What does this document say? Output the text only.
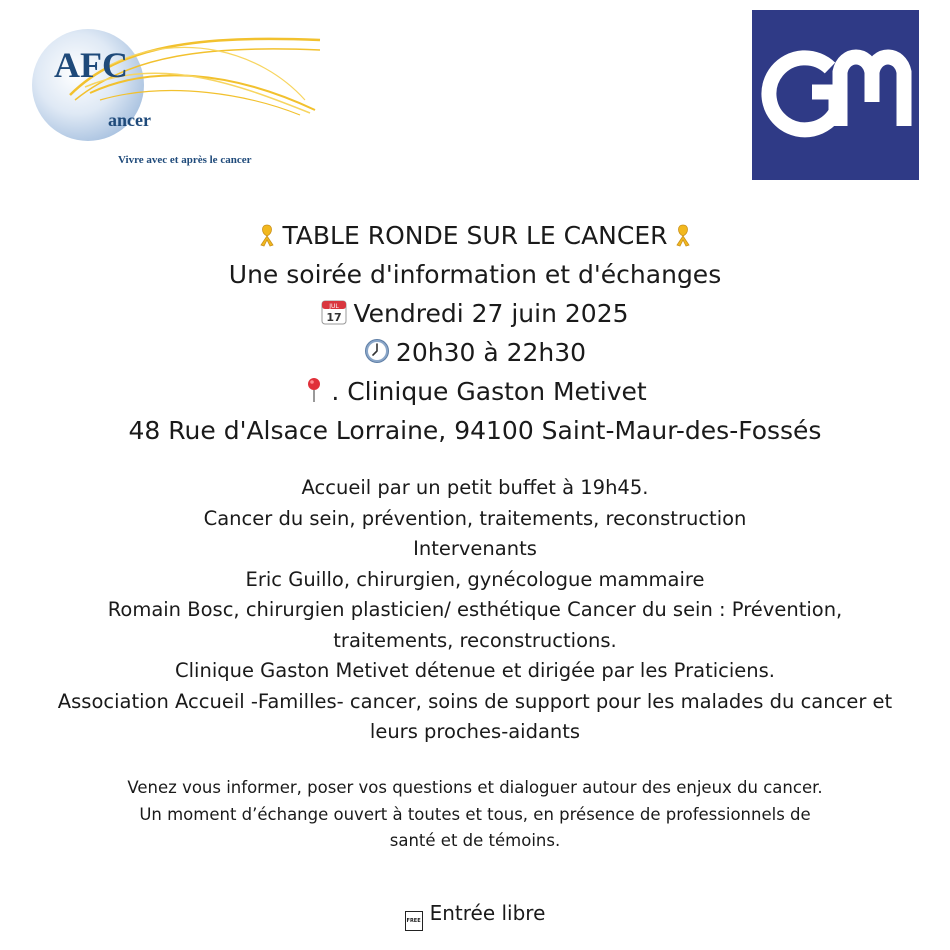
AFC
ancer
Vivre avec et après le cancer
GM
TABLE RONDE SUR LE CANCER
Une soirée d'information et d'échanges
JUL
17 Vendredi 27 juin 2025
20h30 à 22h30
. Clinique Gaston Metivet
48 Rue d'Alsace Lorraine, 94100 Saint-Maur-des-Fossés
Accueil par un petit buffet à 19h45.
Cancer du sein, prévention, traitements, reconstruction
Intervenants
Eric Guillo, chirurgien, gynécologue mammaire
Romain Bosc, chirurgien plasticien/ esthétique Cancer du sein : Prévention,
traitements, reconstructions.
Clinique Gaston Metivet détenue et dirigée par les Praticiens.
Association Accueil -Familles- cancer, soins de support pour les malades du cancer et
leurs proches-aidants
Venez vous informer, poser vos questions et dialoguer autour des enjeux du cancer.
Un moment d’échange ouvert à toutes et tous, en présence de professionnels de
santé et de témoins.
FREE Entrée libre
